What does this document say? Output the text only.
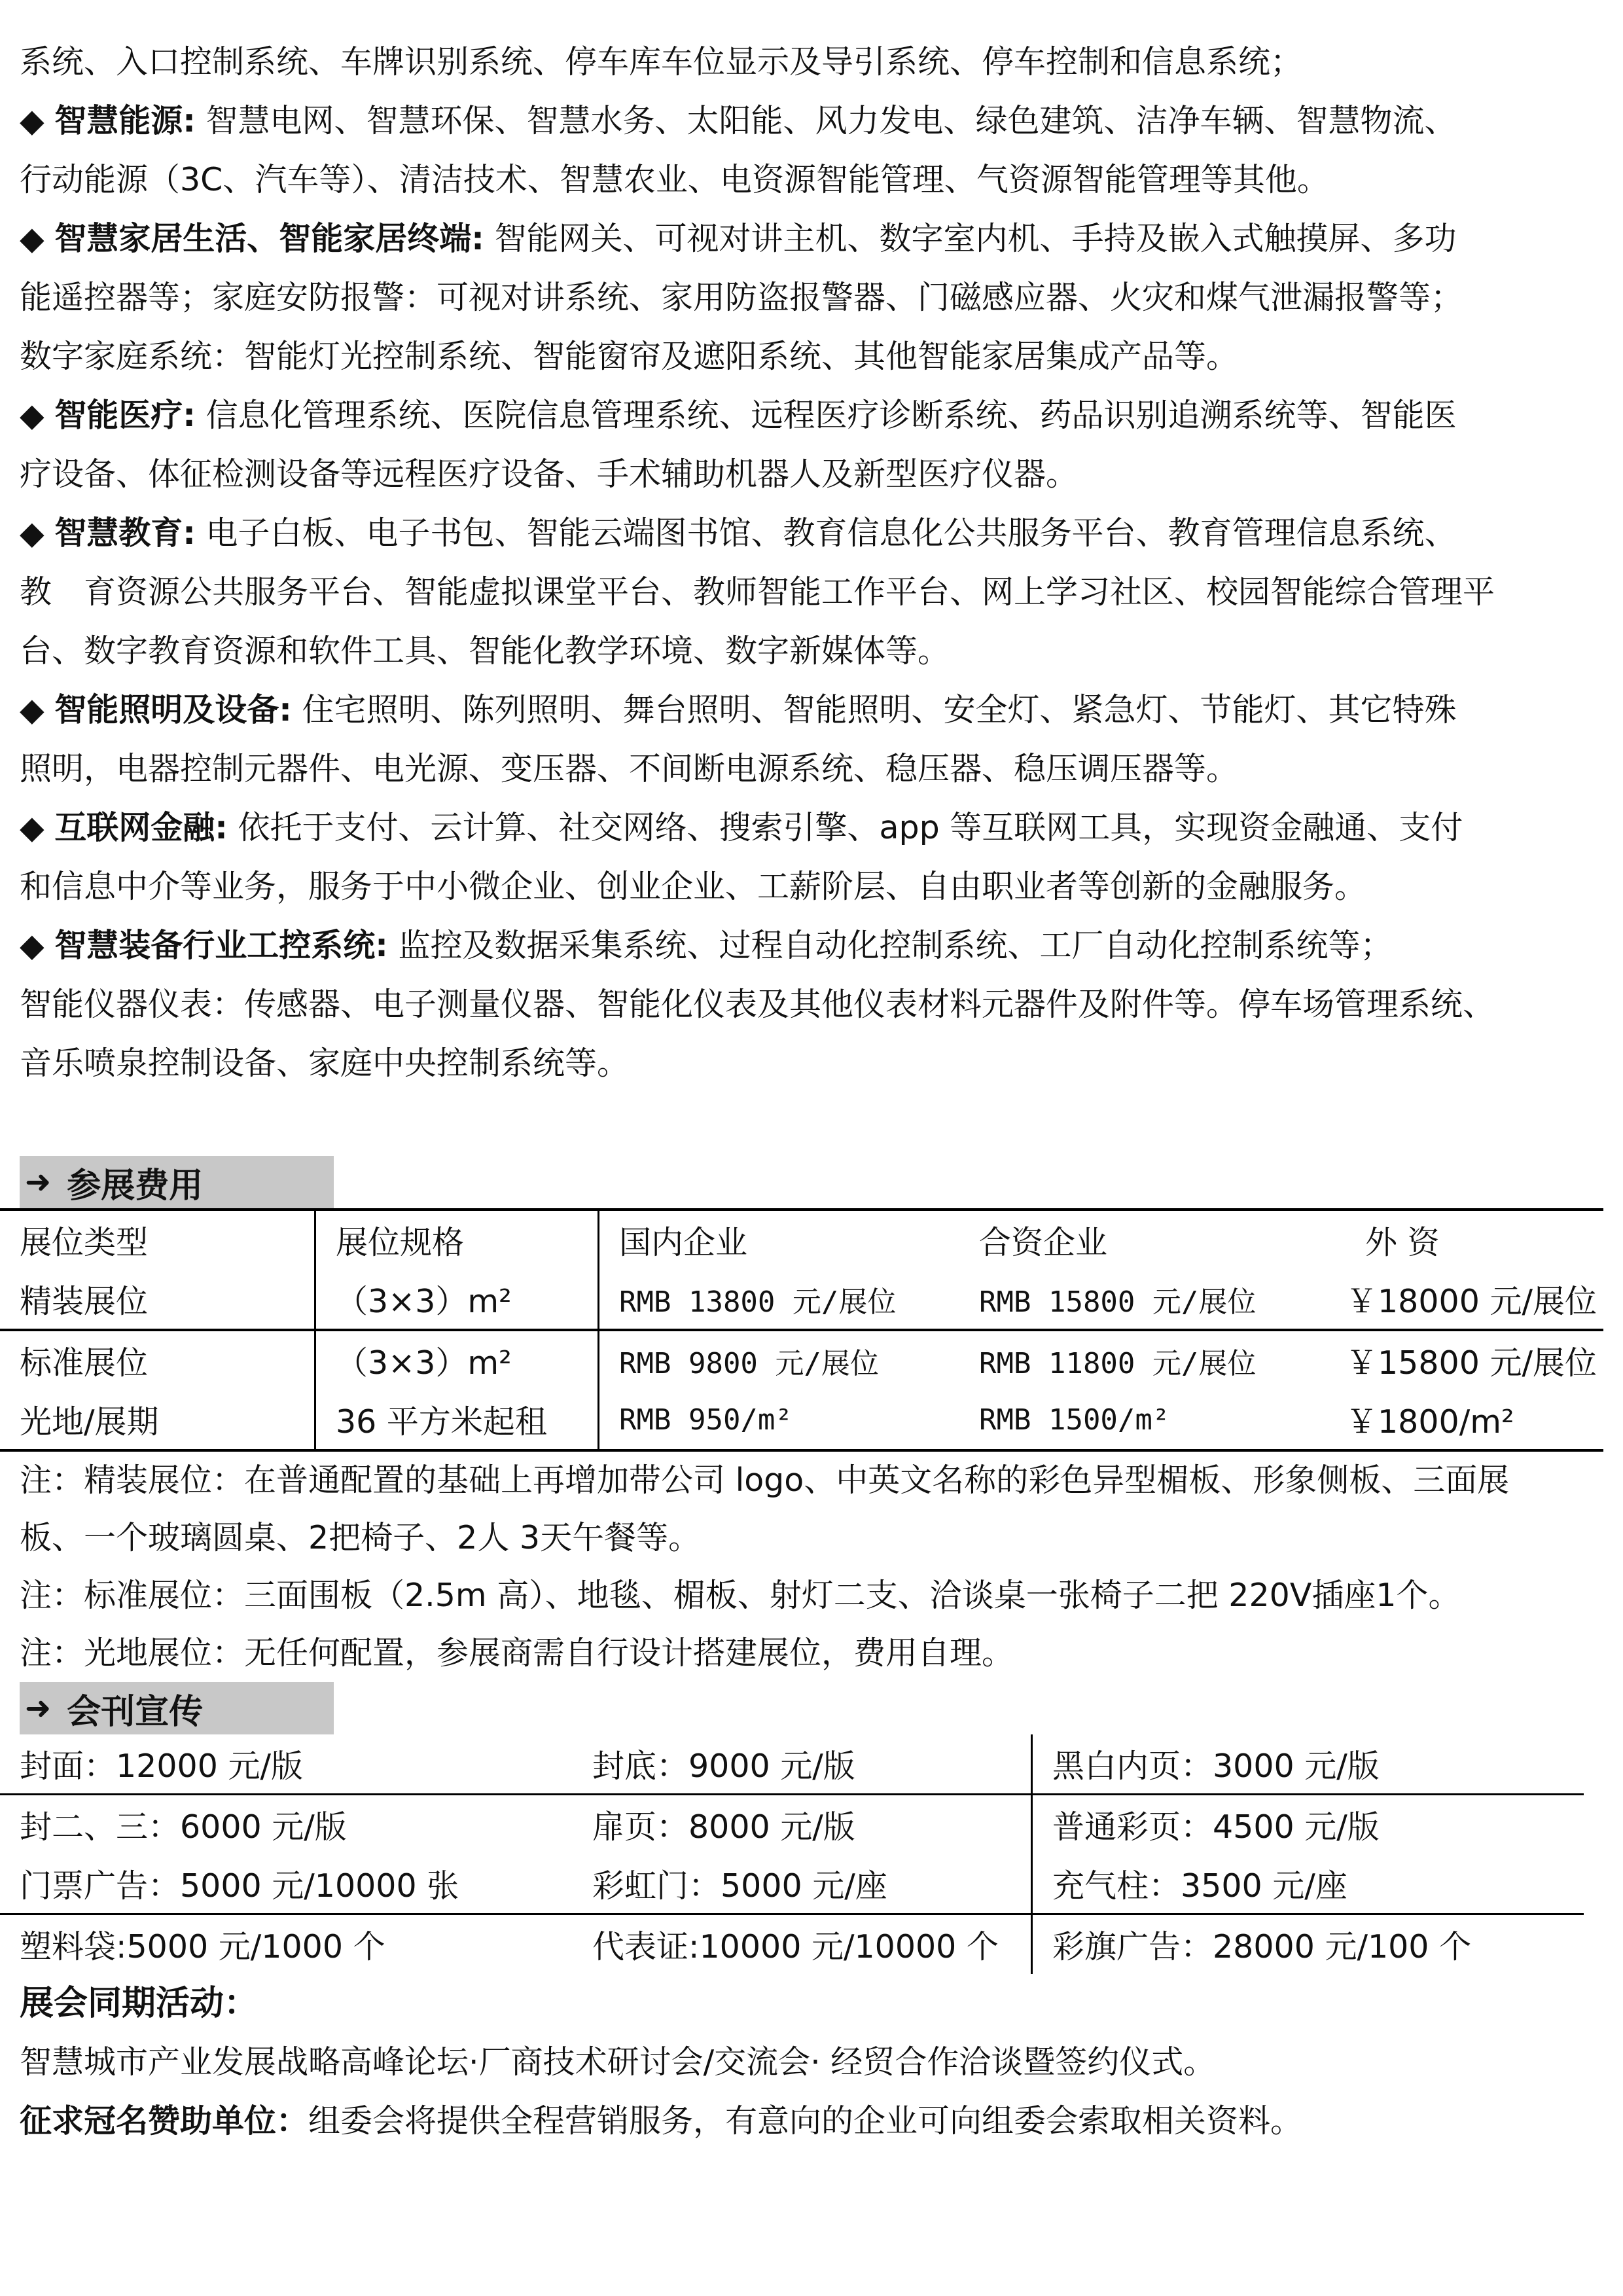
系统、入口控制系统、车牌识别系统、停车库车位显示及导引系统、停车控制和信息系统；

◆ 智慧能源: 智慧电网、智慧环保、智慧水务、太阳能、风力发电、绿色建筑、洁净车辆、智慧物流、

行动能源（3C、汽车等）、清洁技术、智慧农业、电资源智能管理、气资源智能管理等其他。

◆ 智慧家居生活、智能家居终端: 智能网关、可视对讲主机、数字室内机、手持及嵌入式触摸屏、多功

能遥控器等；家庭安防报警：可视对讲系统、家用防盗报警器、门磁感应器、火灾和煤气泄漏报警等；

数字家庭系统：智能灯光控制系统、智能窗帘及遮阳系统、其他智能家居集成产品等。

◆ 智能医疗: 信息化管理系统、医院信息管理系统、远程医疗诊断系统、药品识别追溯系统等、智能医

疗设备、体征检测设备等远程医疗设备、手术辅助机器人及新型医疗仪器。

◆ 智慧教育: 电子白板、电子书包、智能云端图书馆、教育信息化公共服务平台、教育管理信息系统、

教　育资源公共服务平台、智能虚拟课堂平台、教师智能工作平台、网上学习社区、校园智能综合管理平

台、数字教育资源和软件工具、智能化教学环境、数字新媒体等。

◆ 智能照明及设备: 住宅照明、陈列照明、舞台照明、智能照明、安全灯、紧急灯、节能灯、其它特殊

照明，电器控制元器件、电光源、变压器、不间断电源系统、稳压器、稳压调压器等。

◆ 互联网金融: 依托于支付、云计算、社交网络、搜索引擎、app 等互联网工具，实现资金融通、支付

和信息中介等业务，服务于中小微企业、创业企业、工薪阶层、自由职业者等创新的金融服务。

◆ 智慧装备行业工控系统: 监控及数据采集系统、过程自动化控制系统、工厂自动化控制系统等；

智能仪器仪表：传感器、电子测量仪器、智能化仪表及其他仪表材料元器件及附件等。停车场管理系统、

音乐喷泉控制设备、家庭中央控制系统等。

➜ 参展费用
展位类型	展位规格	国内企业	合资企业	外 资
精装展位	（3×3）m²	RMB 13800 元/展位	RMB 15800 元/展位	￥18000 元/展位
标准展位	（3×3）m²	RMB 9800 元/展位	RMB 11800 元/展位	￥15800 元/展位
光地/展期	36 平方米起租	RMB 950/m²	RMB 1500/m²	￥1800/m²

注：精装展位：在普通配置的基础上再增加带公司 logo、中英文名称的彩色异型楣板、形象侧板、三面展

板、一个玻璃圆桌、2把椅子、2人 3天午餐等。

注：标准展位：三面围板（2.5m 高）、地毯、楣板、射灯二支、洽谈桌一张椅子二把 220V插座1个。

注：光地展位：无任何配置，参展商需自行设计搭建展位，费用自理。

➜ 会刊宣传
封面：12000 元/版	封底：9000 元/版	黑白内页：3000 元/版
封二、三：6000 元/版	扉页：8000 元/版	普通彩页：4500 元/版
门票广告：5000 元/10000 张	彩虹门：5000 元/座	充气柱：3500 元/座
塑料袋:5000 元/1000 个	代表证:10000 元/10000 个	彩旗广告：28000 元/100 个

展会同期活动：

智慧城市产业发展战略高峰论坛·厂商技术研讨会/交流会· 经贸合作洽谈暨签约仪式。

征求冠名赞助单位：组委会将提供全程营销服务，有意向的企业可向组委会索取相关资料。
